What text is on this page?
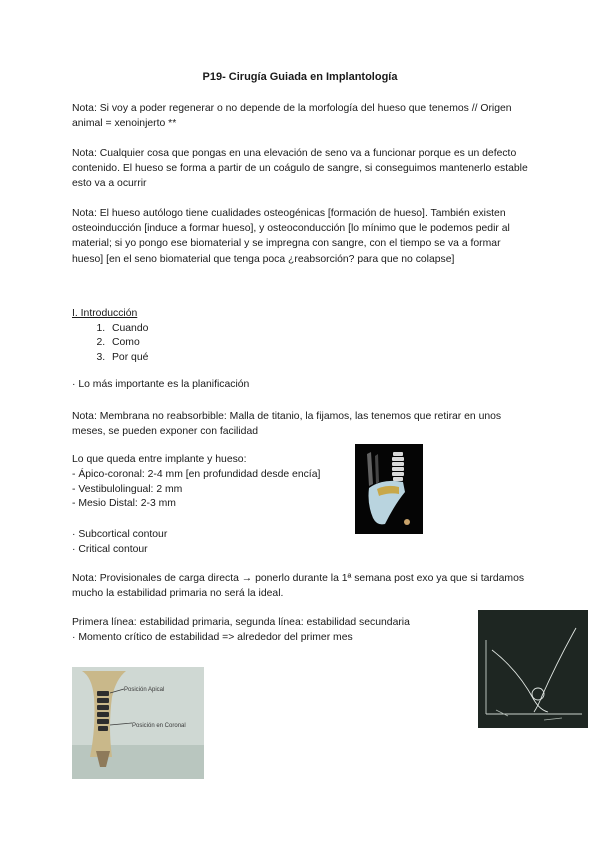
P19- Cirugía Guiada en Implantología
Nota: Si voy a poder regenerar o no depende de la morfología del hueso que tenemos // Origen animal = xenoinjerto **
Nota: Cualquier cosa que pongas en una elevación de seno va a funcionar porque es un defecto contenido. El hueso se forma a partir de un coágulo de sangre, si conseguimos mantenerlo estable esto va a ocurrir
Nota: El hueso autólogo tiene cualidades osteogénicas [formación de hueso]. También existen osteoinducción [induce a formar hueso], y osteoconducción [lo mínimo que le podemos pedir al material; si yo pongo ese biomaterial y se impregna con sangre, con el tiempo se va a formar hueso] [en el seno biomaterial que tenga poca ¿reabsorción? para que no colapse]
I. Introducción
1. Cuando
2. Como
3. Por qué
· Lo más importante es la planificación
Nota: Membrana no reabsorbible: Malla de titanio, la fijamos, las tenemos que retirar en unos meses, se pueden exponer con facilidad
Lo que queda entre implante y hueso:
- Ápico-coronal: 2-4 mm [en profundidad desde encía]
- Vestibulolingual: 2 mm
- Mesio Distal: 2-3 mm
· Subcortical contour
· Critical contour
Nota: Provisionales de carga directa → ponerlo durante la 1ª semana post exo ya que si tardamos mucho la estabilidad primaria no será la ideal.
Primera línea: estabilidad primaria, segunda línea: estabilidad secundaria
· Momento crítico de estabilidad => alrededor del primer mes
Posición Apical
Posición en Coronal
